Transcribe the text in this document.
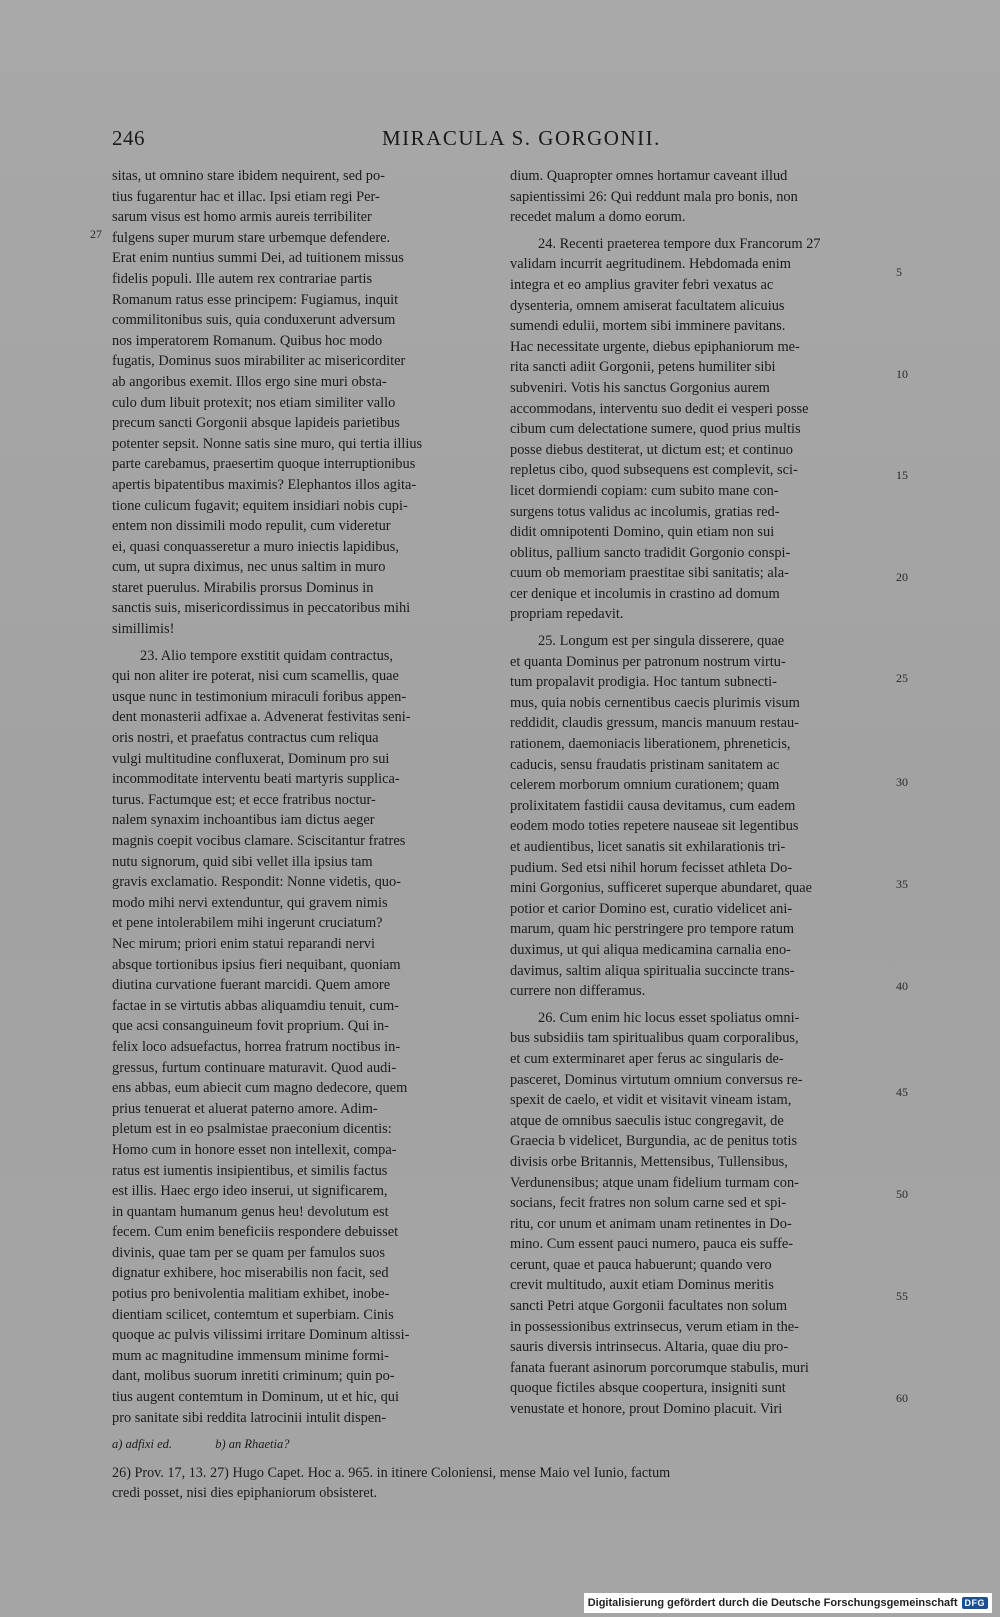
246	MIRACULA S. GORGONII.
sitas, ut omnino stare ibidem nequirent, sed po-
tius fugarentur hac et illac. Ipsi etiam regi Per-
sarum visus est homo armis aureis terribiliter
fulgens super murum stare urbemque defendere.
Erat enim nuntius summi Dei, ad tuitionem missus
fidelis populi. Ille autem rex contrariae partis
Romanum ratus esse principem: Fugiamus, inquit
commilitonibus suis, quia conduxerunt adversum
nos imperatorem Romanum. Quibus hoc modo
fugatis, Dominus suos mirabiliter ac misericorditer
ab angoribus exemit. Illos ergo sine muri obsta-
culo dum libuit protexit; nos etiam similiter vallo
precum sancti Gorgonii absque lapideis parietibus
potenter sepsit. Nonne satis sine muro, qui tertia illius
parte carebamus, praesertim quoque interruptionibus
apertis bipatentibus maximis? Elephantos illos agita-
tione culicum fugavit; equitem insidiari nobis cupi-
entem non dissimili modo repulit, cum videretur
ei, quasi conquasseretur a muro iniectis lapidibus,
cum, ut supra diximus, nec unus saltim in muro
staret puerulus. Mirabilis prorsus Dominus in
sanctis suis, misericordissimus in peccatoribus mihi
simillimis!
23. Alio tempore exstitit quidam contractus,
qui non aliter ire poterat, nisi cum scamellis, quae
usque nunc in testimonium miraculi foribus appen-
dent monasterii adfixae a. Advenerat festivitas seni-
oris nostri, et praefatus contractus cum reliqua
vulgi multitudine confluxerat, Dominum pro sui
incommoditate interventu beati martyris supplica-
turus. Factumque est; et ecce fratribus noctur-
nalem synaxim inchoantibus iam dictus aeger
magnis coepit vocibus clamare. Sciscitantur fratres
nutu signorum, quid sibi vellet illa ipsius tam
gravis exclamatio. Respondit: Nonne videtis, quo-
modo mihi nervi extenduntur, qui gravem nimis
et pene intolerabilem mihi ingerunt cruciatum?
Nec mirum; priori enim statui reparandi nervi
absque tortionibus ipsius fieri nequibant, quoniam
diutina curvatione fuerant marcidi. Quem amore
factae in se virtutis abbas aliquamdiu tenuit, cum-
que acsi consanguineum fovit proprium. Qui in-
felix loco adsuefactus, horrea fratrum noctibus in-
gressus, furtum continuare maturavit. Quod audi-
ens abbas, eum abiecit cum magno dedecore, quem
prius tenuerat et aluerat paterno amore. Adim-
pletum est in eo psalmistae praeconium dicentis:
Homo cum in honore esset non intellexit, compa-
ratus est iumentis insipientibus, et similis factus
est illis. Haec ergo ideo inserui, ut significarem,
in quantam humanum genus heu! devolutum est
fecem. Cum enim beneficiis respondere debuisset
divinis, quae tam per se quam per famulos suos
dignatur exhibere, hoc miserabilis non facit, sed
potius pro benivolentia malitiam exhibet, inobe-
dientiam scilicet, contemtum et superbiam. Cinis
quoque ac pulvis vilissimi irritare Dominum altissi-
mum ac magnitudine immensum minime formi-
dant, molibus suorum inretiti criminum; quin po-
tius augent contemtum in Dominum, ut et hic, qui
pro sanitate sibi reddita latrocinii intulit dispen-
dium. Quapropter omnes hortamur caveant illud
sapientissimi 26: Qui reddunt mala pro bonis, non
recedet malum a domo eorum.
24. Recenti praeterea tempore dux Francorum 27
validam incurrit aegritudinem. Hebdomada enim
integra et eo amplius graviter febri vexatus ac
dysenteria, omnem amiserat facultatem alicuius
sumendi edulii, mortem sibi imminere pavitans.
Hac necessitate urgente, diebus epiphaniorum me-
rita sancti adiit Gorgonii, petens humiliter sibi
subveniri. Votis his sanctus Gorgonius aurem
accommodans, interventu suo dedit ei vesperi posse
cibum cum delectatione sumere, quod prius multis
posse diebus destiterat, ut dictum est; et continuo
repletus cibo, quod subsequens est complevit, sci-
licet dormiendi copiam: cum subito mane con-
surgens totus validus ac incolumis, gratias red-
didit omnipotenti Domino, quin etiam non sui
oblitus, pallium sancto tradidit Gorgonio conspi-
cuum ob memoriam praestitae sibi sanitatis; ala-
cer denique et incolumis in crastino ad domum
propriam repedavit.
25. Longum est per singula disserere, quae
et quanta Dominus per patronum nostrum virtu-
tum propalavit prodigia. Hoc tantum subnecti-
mus, quia nobis cernentibus caecis plurimis visum
reddidit, claudis gressum, mancis manuum restau-
rationem, daemoniacis liberationem, phreneticis,
caducis, sensu fraudatis pristinam sanitatem ac
celerem morborum omnium curationem; quam
prolixitatem fastidii causa devitamus, cum eadem
eodem modo toties repetere nauseae sit legentibus
et audientibus, licet sanatis sit exhilarationis tri-
pudium. Sed etsi nihil horum fecisset athleta Do-
mini Gorgonius, sufficeret superque abundaret, quae
potior et carior Domino est, curatio videlicet ani-
marum, quam hic perstringere pro tempore ratum
duximus, ut qui aliqua medicamina carnalia eno-
davimus, saltim aliqua spiritualia succincte trans-
currere non differamus.
26. Cum enim hic locus esset spoliatus omni-
bus subsidiis tam spiritualibus quam corporalibus,
et cum exterminaret aper ferus ac singularis de-
pasceret, Dominus virtutum omnium conversus re-
spexit de caelo, et vidit et visitavit vineam istam,
atque de omnibus saeculis istuc congregavit, de
Graecia b videlicet, Burgundia, ac de penitus totis
divisis orbe Britannis, Mettensibus, Tullensibus,
Verdunensibus; atque unam fidelium turmam con-
socians, fecit fratres non solum carne sed et spi-
ritu, cor unum et animam unam retinentes in Do-
mino. Cum essent pauci numero, pauca eis suffe-
cerunt, quae et pauca habuerunt; quando vero
crevit multitudo, auxit etiam Dominus meritis
sancti Petri atque Gorgonii facultates non solum
in possessionibus extrinsecus, verum etiam in the-
sauris diversis intrinsecus. Altaria, quae diu pro-
fanata fuerant asinorum porcorumque stabulis, muri
quoque fictiles absque coopertura, insigniti sunt
venustate et honore, prout Domino placuit. Viri
27
5
10
15
20
25
30
35
40
45
50
55
60
a) adfixi ed.	b) an Rhaetia?
26) Prov. 17, 13. 27) Hugo Capet. Hoc a. 965. in itinere Coloniensi, mense Maio vel Iunio, factum
credi posset, nisi dies epiphaniorum obsisteret.
Digitalisierung gefördert durch die Deutsche Forschungsgemeinschaft DFG
